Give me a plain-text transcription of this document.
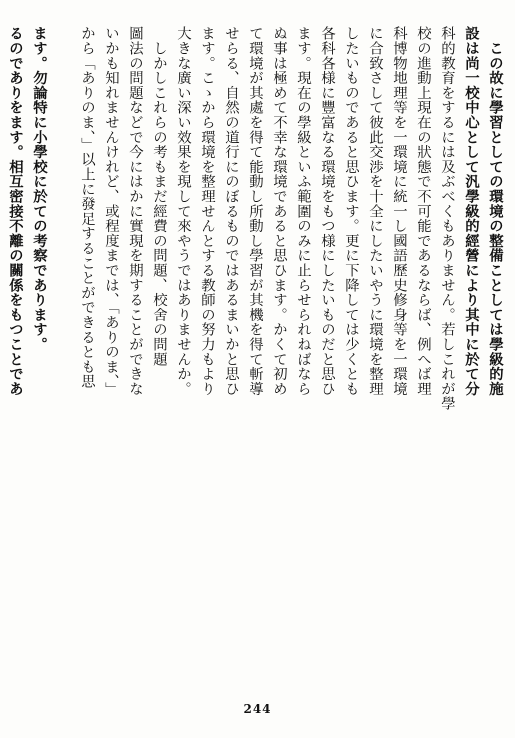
　この故に學習としての環境の整備ことしては學級的施
設は尚一校中心として汎學級的經營により其中に於て分
科的教育をするには及ぶべくもありません。若しこれが學
校の進動上現在の狀態で不可能であるならば、例へば理
科博物地理等を一環境に統一し國語歷史修身等を一環境
に合致さして彼此交渉を十全にしたいやうに環境を整理
したいものであると思ひます。更に下降しては少くとも
各科各様に豐富なる環境をもつ様にしたいものだと思ひ
ます。現在の學級といふ範圍のみに止らせられねばなら
ぬ事は極めて不幸な環境であると思ひます。かくて初め
て環境が其處を得て能動し所動し學習が其機を得て斬導
せらる、自然の道行にのぼるものではあるまいかと思ひ
ます。こゝから環境を整理せんとする教師の努力もより
大きな廣い深い效果を現して來やうではありませんか。
　しかしこれらの考もまだ經費の問題、校舍の問題
圖法の問題などで今にはかに實現を期することができな
いかも知れませんけれど、或程度までは、「ありのま、」
から「ありのま、」以上に發足することができるとも思
ます。勿論特に小學校に於ての考察であります。
るのでありをます。相互密接不離の關係をもつことであ
244
